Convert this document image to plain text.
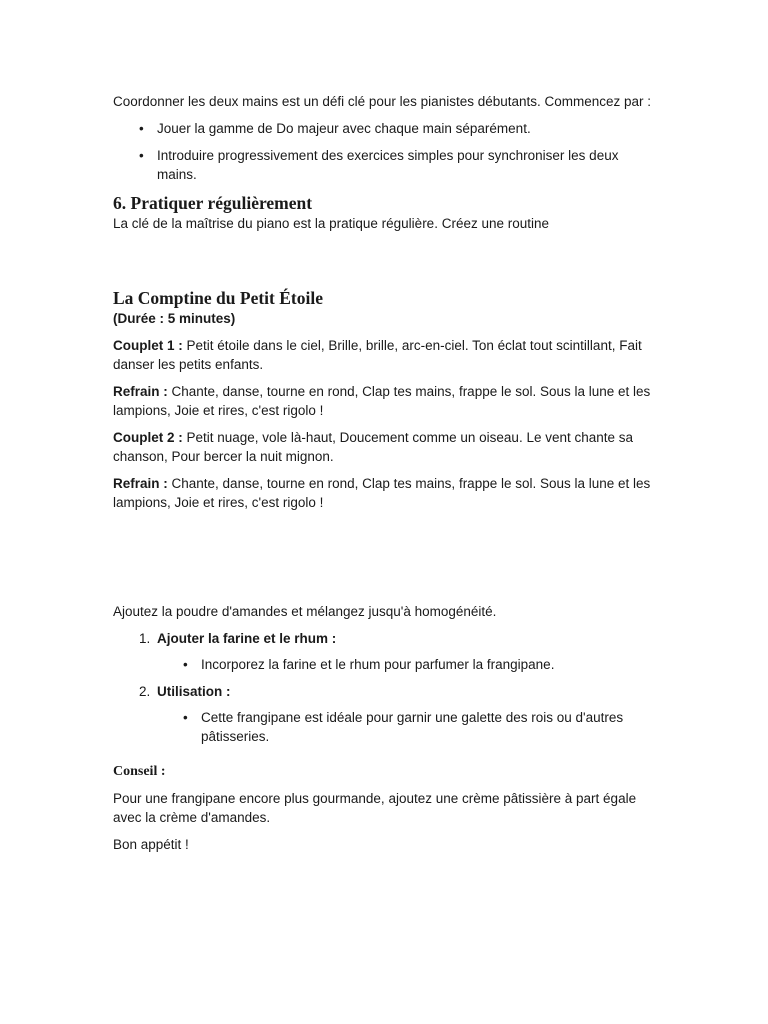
Coordonner les deux mains est un défi clé pour les pianistes débutants. Commencez par :

• Jouer la gamme de Do majeur avec chaque main séparément.
• Introduire progressivement des exercices simples pour synchroniser les deux mains.
6. Pratiquer régulièrement

La clé de la maîtrise du piano est la pratique régulière. Créez une routine

La Comptine du Petit Étoile

(Durée : 5 minutes)

Couplet 1 : Petit étoile dans le ciel, Brille, brille, arc-en-ciel. Ton éclat tout scintillant, Fait danser les petits enfants.

Refrain : Chante, danse, tourne en rond, Clap tes mains, frappe le sol. Sous la lune et les lampions, Joie et rires, c'est rigolo !

Couplet 2 : Petit nuage, vole là-haut, Doucement comme un oiseau. Le vent chante sa chanson, Pour bercer la nuit mignon.

Refrain : Chante, danse, tourne en rond, Clap tes mains, frappe le sol. Sous la lune et les lampions, Joie et rires, c'est rigolo !

Ajoutez la poudre d'amandes et mélangez jusqu'à homogénéité.

1. Ajouter la farine et le rhum :
• Incorporez la farine et le rhum pour parfumer la frangipane.
2. Utilisation :
• Cette frangipane est idéale pour garnir une galette des rois ou d'autres pâtisseries.

Conseil :

Pour une frangipane encore plus gourmande, ajoutez une crème pâtissière à part égale avec la crème d'amandes.

Bon appétit !
